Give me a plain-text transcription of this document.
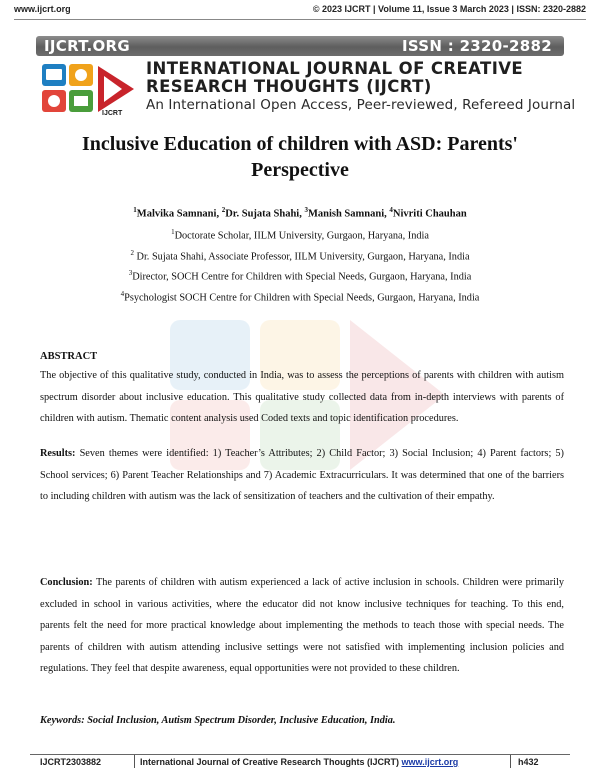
www.ijcrt.org	© 2023 IJCRT | Volume 11, Issue 3 March 2023 | ISSN: 2320-2882
IJCRT.ORG	ISSN : 2320-2882
IJCRT
INTERNATIONAL JOURNAL OF CREATIVE
RESEARCH THOUGHTS (IJCRT)
An International Open Access, Peer-reviewed, Refereed Journal
Inclusive Education of children with ASD: Parents'
Perspective
$^1$Malvika Samnani, $^2$Dr. Sujata Shahi, $^3$Manish Samnani, $^4$Nivriti Chauhan
$^1$Doctorate Scholar, IILM University, Gurgaon, Haryana, India
$^2$ Dr. Sujata Shahi, Associate Professor, IILM University, Gurgaon, Haryana, India
$^3$Director, SOCH Centre for Children with Special Needs, Gurgaon, Haryana, India
$^4$Psychologist SOCH Centre for Children with Special Needs, Gurgaon, Haryana, India
ABSTRACT
The objective of this qualitative study, conducted in India, was to assess the perceptions of parents with children with autism spectrum disorder about inclusive education. This qualitative study collected data from in-depth interviews with parents of children with autism. Thematic content analysis used Coded texts and topic identification procedures.
Results: Seven themes were identified: 1) Teacher’s Attributes; 2) Child Factor; 3) Social Inclusion; 4) Parent factors; 5) School services; 6) Parent Teacher Relationships and 7) Academic Extracurriculars. It was determined that one of the barriers to including children with autism was the lack of sensitization of teachers and the cultivation of their empathy.
Conclusion: The parents of children with autism experienced a lack of active inclusion in schools. Children were primarily excluded in school in various activities, where the educator did not know inclusive techniques for teaching. To this end, parents felt the need for more practical knowledge about implementing the methods to teach those with special needs. The parents of children with autism attending inclusive settings were not satisfied with implementing inclusion policies and regulations. They feel that despite awareness, equal opportunities were not provided to these children.
Keywords: Social Inclusion, Autism Spectrum Disorder, Inclusive Education, India.
IJCRT2303882	International Journal of Creative Research Thoughts (IJCRT) www.ijcrt.org	h432
